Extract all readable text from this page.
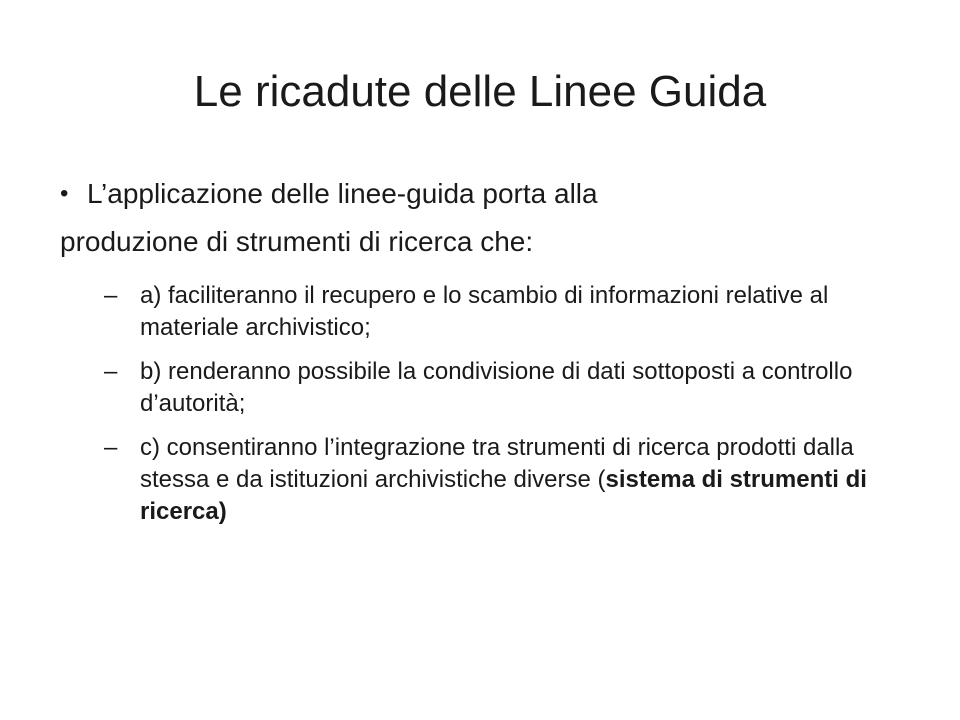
Le ricadute delle Linee Guida

• L’applicazione delle linee-guida porta alla
produzione di strumenti di ricerca che:

– a) faciliteranno il recupero e lo scambio di informazioni relative al materiale archivistico;
– b) renderanno possibile la condivisione di dati sottoposti a controllo d’autorità;
– c) consentiranno l’integrazione tra strumenti di ricerca prodotti dalla stessa e da istituzioni archivistiche diverse (sistema di strumenti di ricerca)
